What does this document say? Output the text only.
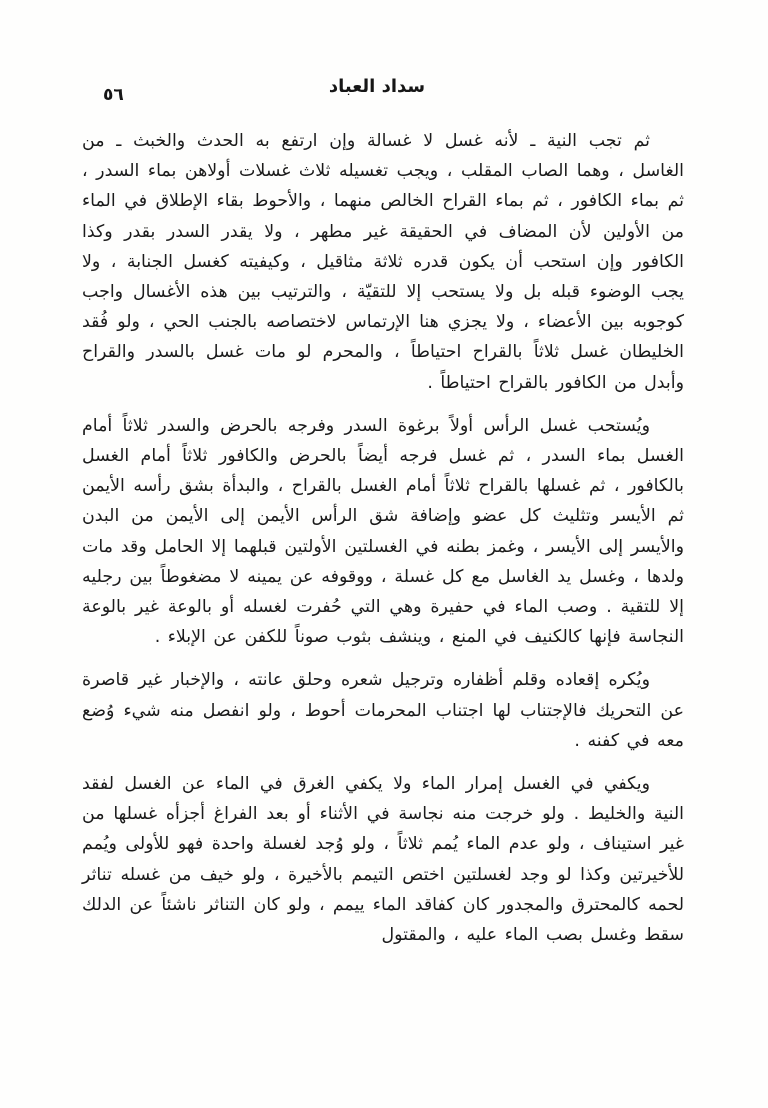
سداد العباد
٥٦

ثم تجب النية ـ لأنه غسل لا غسالة وإن ارتفع به الحدث والخبث ـ من الغاسل ، وهما الصاب المقلب ، ويجب تغسيله ثلاث غسلات أولاهن بماء السدر ، ثم بماء الكافور ، ثم بماء القراح الخالص منهما ، والأحوط بقاء الإطلاق في الماء من الأولين لأن المضاف في الحقيقة غير مطهر ، ولا يقدر السدر بقدر وكذا الكافور وإن استحب أن يكون قدره ثلاثة مثاقيل ، وكيفيته كغسل الجنابة ، ولا يجب الوضوء قبله بل ولا يستحب إلا للتقيّة ، والترتيب بين هذه الأغسال واجب كوجوبه بين الأعضاء ، ولا يجزي هنا الإرتماس لاختصاصه بالجنب الحي ، ولو فُقد الخليطان غسل ثلاثاً بالقراح احتياطاً ، والمحرم لو مات غسل بالسدر والقراح وأبدل من الكافور بالقراح احتياطاً .

ويُستحب غسل الرأس أولاً برغوة السدر وفرجه بالحرض والسدر ثلاثاً أمام الغسل بماء السدر ، ثم غسل فرجه أيضاً بالحرض والكافور ثلاثاً أمام الغسل بالكافور ، ثم غسلها بالقراح ثلاثاً أمام الغسل بالقراح ، والبدأة بشق رأسه الأيمن ثم الأيسر وتثليث كل عضو وإضافة شق الرأس الأيمن إلى الأيمن من البدن والأيسر إلى الأيسر ، وغمز بطنه في الغسلتين الأولتين قبلهما إلا الحامل وقد مات ولدها ، وغسل يد الغاسل مع كل غسلة ، ووقوفه عن يمينه لا مضغوطاً بين رجليه إلا للتقية . وصب الماء في حفيرة وهي التي حُفرت لغسله أو بالوعة غير بالوعة النجاسة فإنها كالكنيف في المنع ، وينشف بثوب صوناً للكفن عن الإبلاء .

ويُكره إقعاده وقلم أظفاره وترجيل شعره وحلق عانته ، والإخبار غير قاصرة عن التحريك فالإجتناب لها اجتناب المحرمات أحوط ، ولو انفصل منه شيء وُضع معه في كفنه .

ويكفي في الغسل إمرار الماء ولا يكفي الغرق في الماء عن الغسل لفقد النية والخليط . ولو خرجت منه نجاسة في الأثناء أو بعد الفراغ أجزأه غسلها من غير استيناف ، ولو عدم الماء يُمم ثلاثاً ، ولو وُجد لغسلة واحدة فهو للأولى ويُمم للأخيرتين وكذا لو وجد لغسلتين اختص التيمم بالأخيرة ، ولو خيف من غسله تناثر لحمه كالمحترق والمجدور كان كفاقد الماء ييمم ، ولو كان التناثر ناشئاً عن الدلك سقط وغسل بصب الماء عليه ، والمقتول
